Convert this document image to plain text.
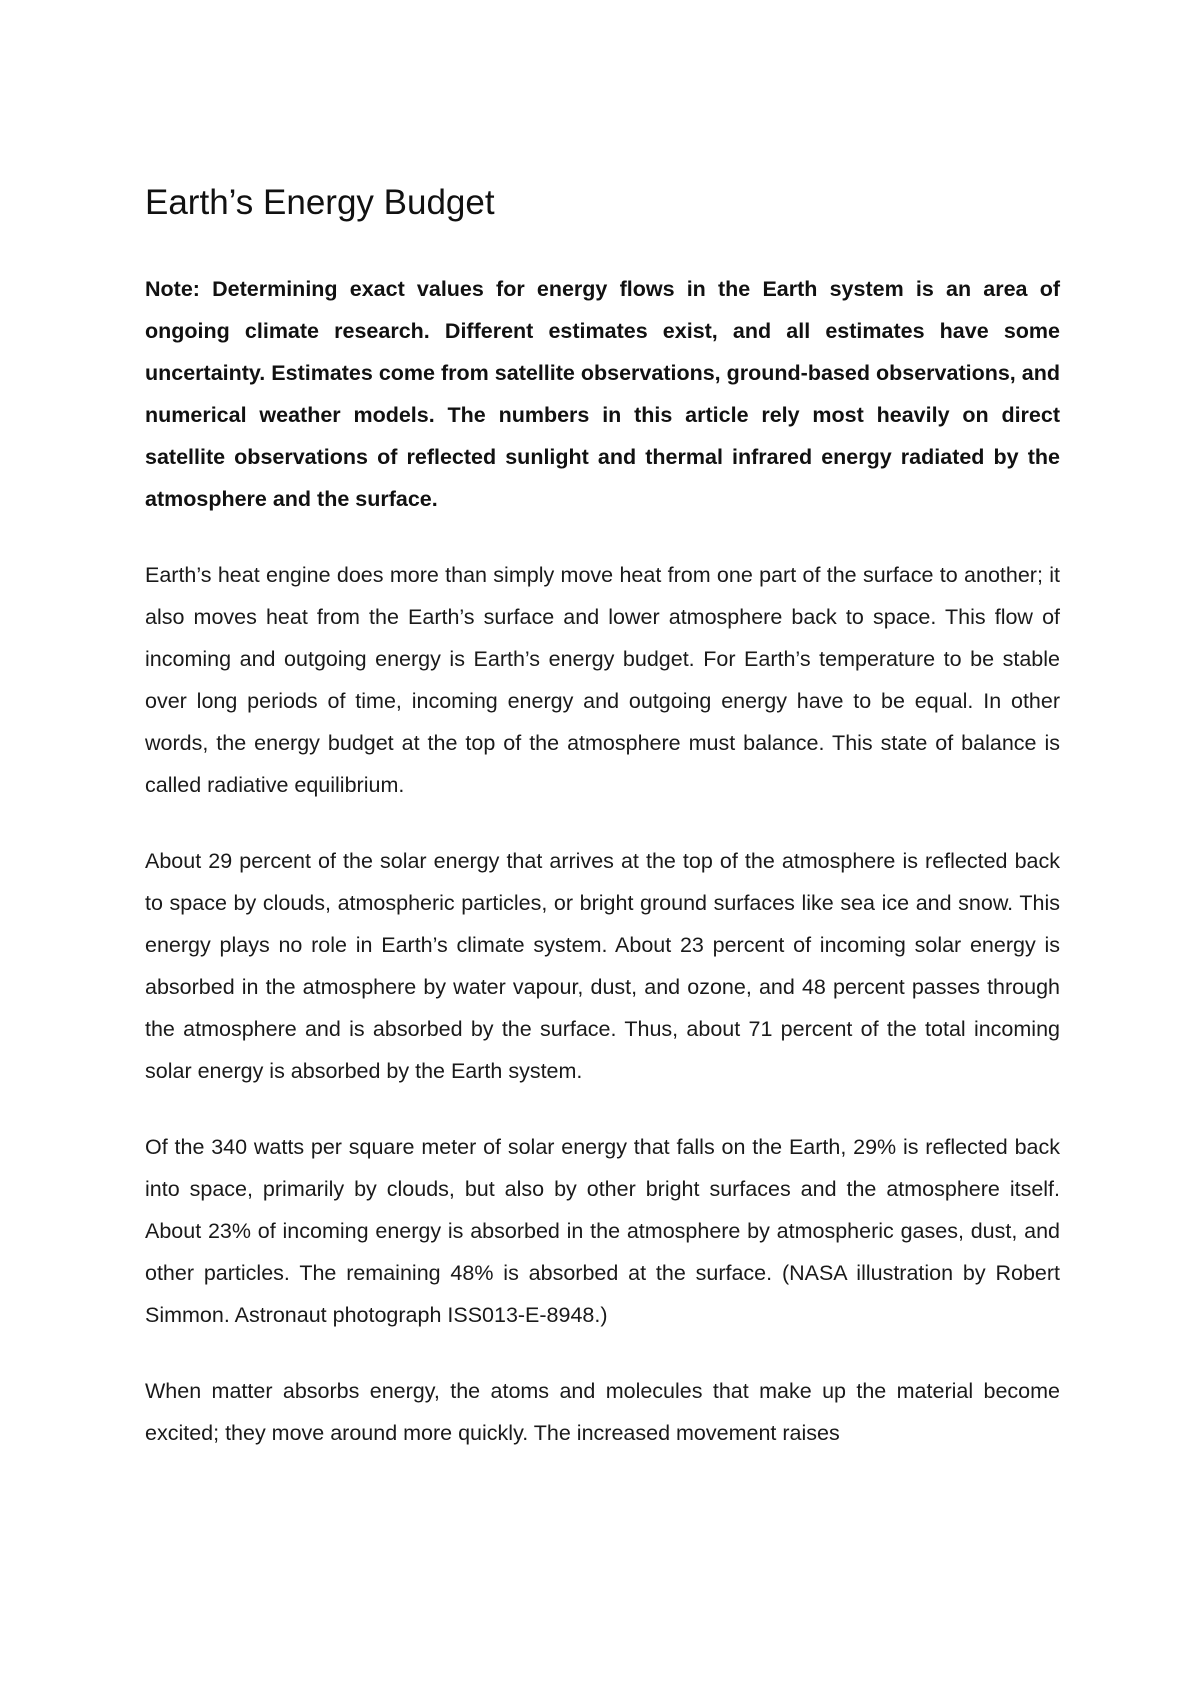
Earth’s Energy Budget

Note: Determining exact values for energy flows in the Earth system is an area of ongoing climate research. Different estimates exist, and all estimates have some uncertainty. Estimates come from satellite observations, ground-based observations, and numerical weather models. The numbers in this article rely most heavily on direct satellite observations of reflected sunlight and thermal infrared energy radiated by the atmosphere and the surface.

Earth’s heat engine does more than simply move heat from one part of the surface to another; it also moves heat from the Earth’s surface and lower atmosphere back to space. This flow of incoming and outgoing energy is Earth’s energy budget. For Earth’s temperature to be stable over long periods of time, incoming energy and outgoing energy have to be equal. In other words, the energy budget at the top of the atmosphere must balance. This state of balance is called radiative equilibrium.

About 29 percent of the solar energy that arrives at the top of the atmosphere is reflected back to space by clouds, atmospheric particles, or bright ground surfaces like sea ice and snow. This energy plays no role in Earth’s climate system. About 23 percent of incoming solar energy is absorbed in the atmosphere by water vapour, dust, and ozone, and 48 percent passes through the atmosphere and is absorbed by the surface. Thus, about 71 percent of the total incoming solar energy is absorbed by the Earth system.

Of the 340 watts per square meter of solar energy that falls on the Earth, 29% is reflected back into space, primarily by clouds, but also by other bright surfaces and the atmosphere itself. About 23% of incoming energy is absorbed in the atmosphere by atmospheric gases, dust, and other particles. The remaining 48% is absorbed at the surface. (NASA illustration by Robert Simmon. Astronaut photograph ISS013-E-8948.)

When matter absorbs energy, the atoms and molecules that make up the material become excited; they move around more quickly. The increased movement raises
